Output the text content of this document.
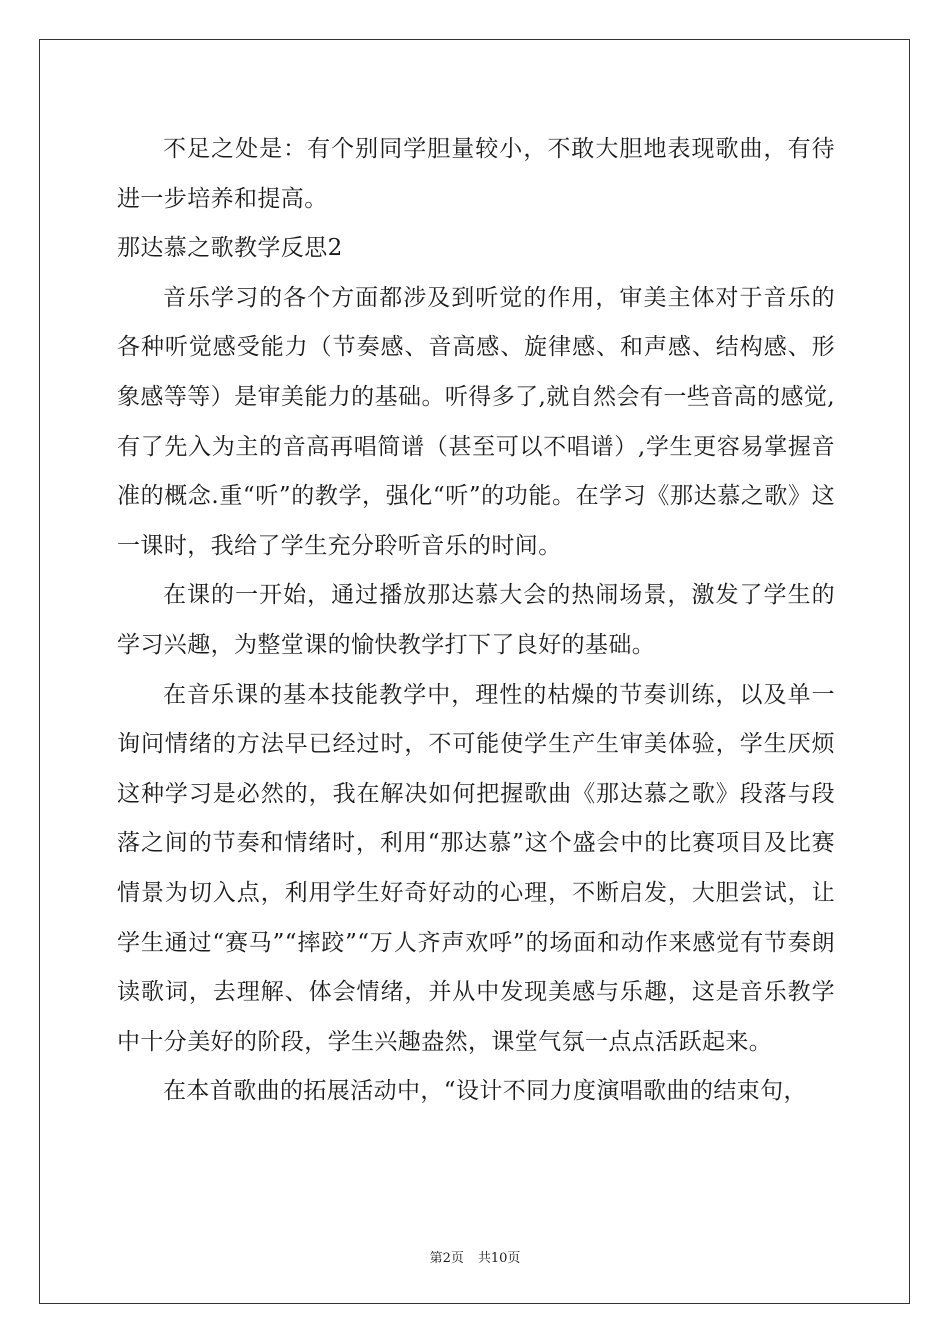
不足之处是：有个别同学胆量较小，不敢大胆地表现歌曲，有待进一步培养和提高。

那达慕之歌教学反思2

音乐学习的各个方面都涉及到听觉的作用，审美主体对于音乐的各种听觉感受能力（节奏感、音高感、旋律感、和声感、结构感、形象感等等）是审美能力的基础。听得多了,就自然会有一些音高的感觉,有了先入为主的音高再唱简谱（甚至可以不唱谱）,学生更容易掌握音准的概念.重“听”的教学，强化“听”的功能。在学习《那达慕之歌》这一课时，我给了学生充分聆听音乐的时间。

在课的一开始，通过播放那达慕大会的热闹场景，激发了学生的学习兴趣，为整堂课的愉快教学打下了良好的基础。

在音乐课的基本技能教学中，理性的枯燥的节奏训练，以及单一询问情绪的方法早已经过时，不可能使学生产生审美体验，学生厌烦这种学习是必然的，我在解决如何把握歌曲《那达慕之歌》段落与段落之间的节奏和情绪时，利用“那达慕”这个盛会中的比赛项目及比赛情景为切入点，利用学生好奇好动的心理，不断启发，大胆尝试，让学生通过“赛马”“摔跤”“万人齐声欢呼”的场面和动作来感觉有节奏朗读歌词，去理解、体会情绪，并从中发现美感与乐趣，这是音乐教学中十分美好的阶段，学生兴趣盎然，课堂气氛一点点活跃起来。

在本首歌曲的拓展活动中，“设计不同力度演唱歌曲的结束句，

第2页 共10页
